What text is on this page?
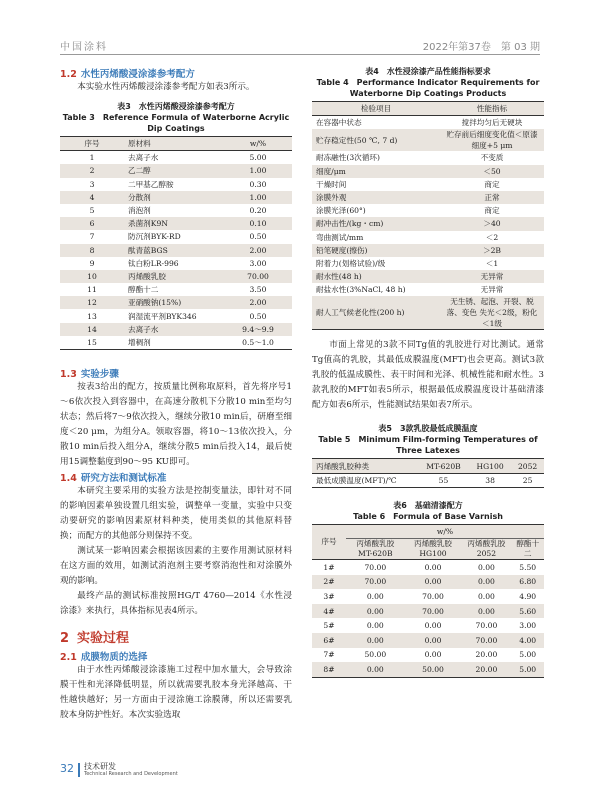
中国涂料	2022年第37卷　第 03 期

1.2 水性丙烯酸浸涂漆参考配方

本实验水性丙烯酸浸涂漆参考配方如表3所示。

表3　水性丙烯酸浸涂漆参考配方

Table 3　Reference Formula of Waterborne Acrylic Dip Coatings

序号	原材料	w/%
1	去离子水	5.00
2	乙二醇	1.00
3	二甲基乙醇胺	0.30
4	分散剂	1.00
5	消泡剂	0.20
6	杀菌剂K9N	0.10
7	防沉剂BYK-RD	0.50
8	酞青蓝BGS	2.00
9	钛白粉LR-996	3.00
10	丙烯酸乳胶	70.00
11	醇酯十二	3.50
12	亚硝酸钠(15%)	2.00
13	润湿流平剂BYK346	0.50
14	去离子水	9.4～9.9
15	增稠剂	0.5～1.0

1.3 实验步骤

按表3给出的配方，按质量比例称取原料，首先将序号1～6依次投入到容器中，在高速分散机下分散10 min至均匀状态；然后将7～9依次投入，继续分散10 min后，研磨至细度＜20 μm，为组分A。领取容器，将10～13依次投入，分散10 min后投入组分A，继续分散5 min后投入14，最后使用15调整黏度到90～95 KU即可。

1.4 研究方法和测试标准

本研究主要采用的实验方法是控制变量法，即针对不同的影响因素单独设置几组实验，调整单一变量，实验中只变动要研究的影响因素原材料种类，使用类似的其他原料替换；而配方的其他部分则保持不变。

测试某一影响因素会根据该因素的主要作用测试原材料在这方面的效用，如测试消泡剂主要考察消泡性和对涂膜外观的影响。

最终产品的测试标准按照HG/T 4760—2014《水性浸涂漆》来执行，具体指标见表4所示。

2 实验过程

2.1 成膜物质的选择

由于水性丙烯酸浸涂漆施工过程中加水量大，会导致涂膜干性和光泽降低明显，所以就需要乳胶本身光泽越高、干性越快越好；另一方面由于浸涂施工涂膜薄，所以还需要乳胶本身防护性好。本次实验选取

表4　水性浸涂漆产品性能指标要求

Table 4　Performance Indicator Requirements for Waterborne Dip Coatings Products

检验项目	性能指标
在容器中状态	搅拌均匀后无硬块
贮存稳定性(50 ℃, 7 d)	贮存前后细度变化值＜原漆细度+5 μm
耐冻融性(3次循环)	不变质
细度/μm	＜50
干燥时间	商定
涂膜外观	正常
涂膜光泽(60°)	商定
耐冲击性/(kg・cm)	＞40
弯曲测试/mm	＜2
铅笔硬度(擦伤)	＞2B
附着力(划格试验)/级	＜1
耐水性(48 h)	无异常
耐盐水性(3%NaCl, 48 h)	无异常
耐人工气候老化性(200 h)	无生锈、起泡、开裂、脱落、变色 失光＜2级，粉化＜1级

市面上常见的3款不同Tg值的乳胶进行对比测试。通常Tg值高的乳胶，其最低成膜温度(MFT)也会更高。测试3款乳胶的低温成膜性、表干时间和光泽、机械性能和耐水性。3款乳胶的MFT如表5所示，根据最低成膜温度设计基础清漆配方如表6所示，性能测试结果如表7所示。

表5　3款乳胶最低成膜温度

Table 5　Minimum Film-forming Temperatures of Three Latexes

丙烯酸乳胶种类	MT-620B	HG100	2052
最低成膜温度(MFT)/℃	55	38	25

表6　基础清漆配方

Table 6　Formula of Base Varnish

序号	w/%			
	丙烯酸乳胶MT-620B	丙烯酸乳胶HG100	丙烯酸乳胶2052	醇酯十二
1#	70.00	0.00	0.00	5.50
2#	70.00	0.00	0.00	6.80
3#	0.00	70.00	0.00	4.90
4#	0.00	70.00	0.00	5.60
5#	0.00	0.00	70.00	3.00
6#	0.00	0.00	70.00	4.00
7#	50.00	0.00	20.00	5.00
8#	0.00	50.00	20.00	5.00
32 技术研发
Technical Research and Development
